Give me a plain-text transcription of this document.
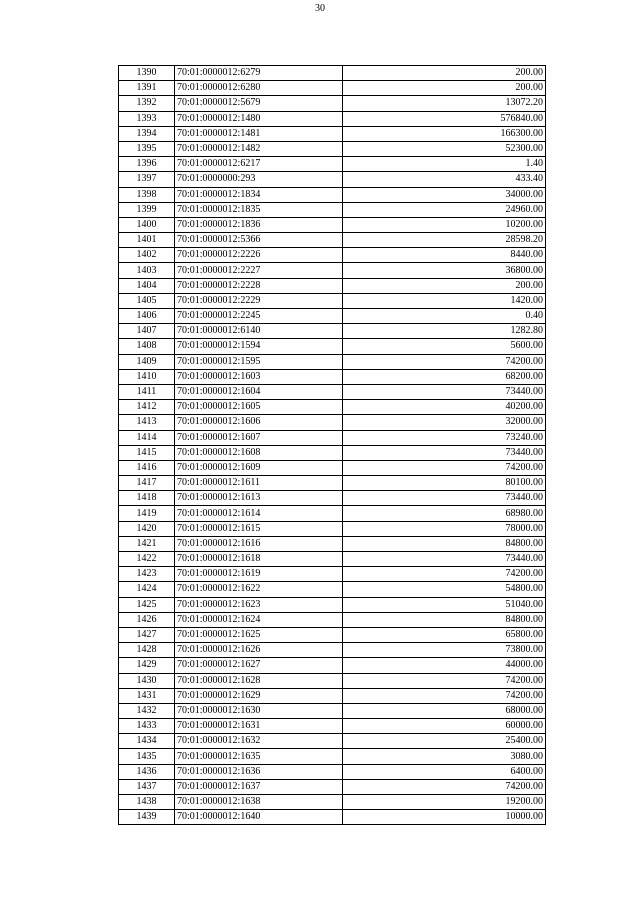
30
1390	70:01:0000012:6279	200.00
1391	70:01:0000012:6280	200.00
1392	70:01:0000012:5679	13072.20
1393	70:01:0000012:1480	576840.00
1394	70:01:0000012:1481	166300.00
1395	70:01:0000012:1482	52300.00
1396	70:01:0000012:6217	1.40
1397	70:01:0000000:293	433.40
1398	70:01:0000012:1834	34000.00
1399	70:01:0000012:1835	24960.00
1400	70:01:0000012:1836	10200.00
1401	70:01:0000012:5366	28598.20
1402	70:01:0000012:2226	8440.00
1403	70:01:0000012:2227	36800.00
1404	70:01:0000012:2228	200.00
1405	70:01:0000012:2229	1420.00
1406	70:01:0000012:2245	0.40
1407	70:01:0000012:6140	1282.80
1408	70:01:0000012:1594	5600.00
1409	70:01:0000012:1595	74200.00
1410	70:01:0000012:1603	68200.00
1411	70:01:0000012:1604	73440.00
1412	70:01:0000012:1605	40200.00
1413	70:01:0000012:1606	32000.00
1414	70:01:0000012:1607	73240.00
1415	70:01:0000012:1608	73440.00
1416	70:01:0000012:1609	74200.00
1417	70:01:0000012:1611	80100.00
1418	70:01:0000012:1613	73440.00
1419	70:01:0000012:1614	68980.00
1420	70:01:0000012:1615	78000.00
1421	70:01:0000012:1616	84800.00
1422	70:01:0000012:1618	73440.00
1423	70:01:0000012:1619	74200.00
1424	70:01:0000012:1622	54800.00
1425	70:01:0000012:1623	51040.00
1426	70:01:0000012:1624	84800.00
1427	70:01:0000012:1625	65800.00
1428	70:01:0000012:1626	73800.00
1429	70:01:0000012:1627	44000.00
1430	70:01:0000012:1628	74200.00
1431	70:01:0000012:1629	74200.00
1432	70:01:0000012:1630	68000.00
1433	70:01:0000012:1631	60000.00
1434	70:01:0000012:1632	25400.00
1435	70:01:0000012:1635	3080.00
1436	70:01:0000012:1636	6400.00
1437	70:01:0000012:1637	74200.00
1438	70:01:0000012:1638	19200.00
1439	70:01:0000012:1640	10000.00
